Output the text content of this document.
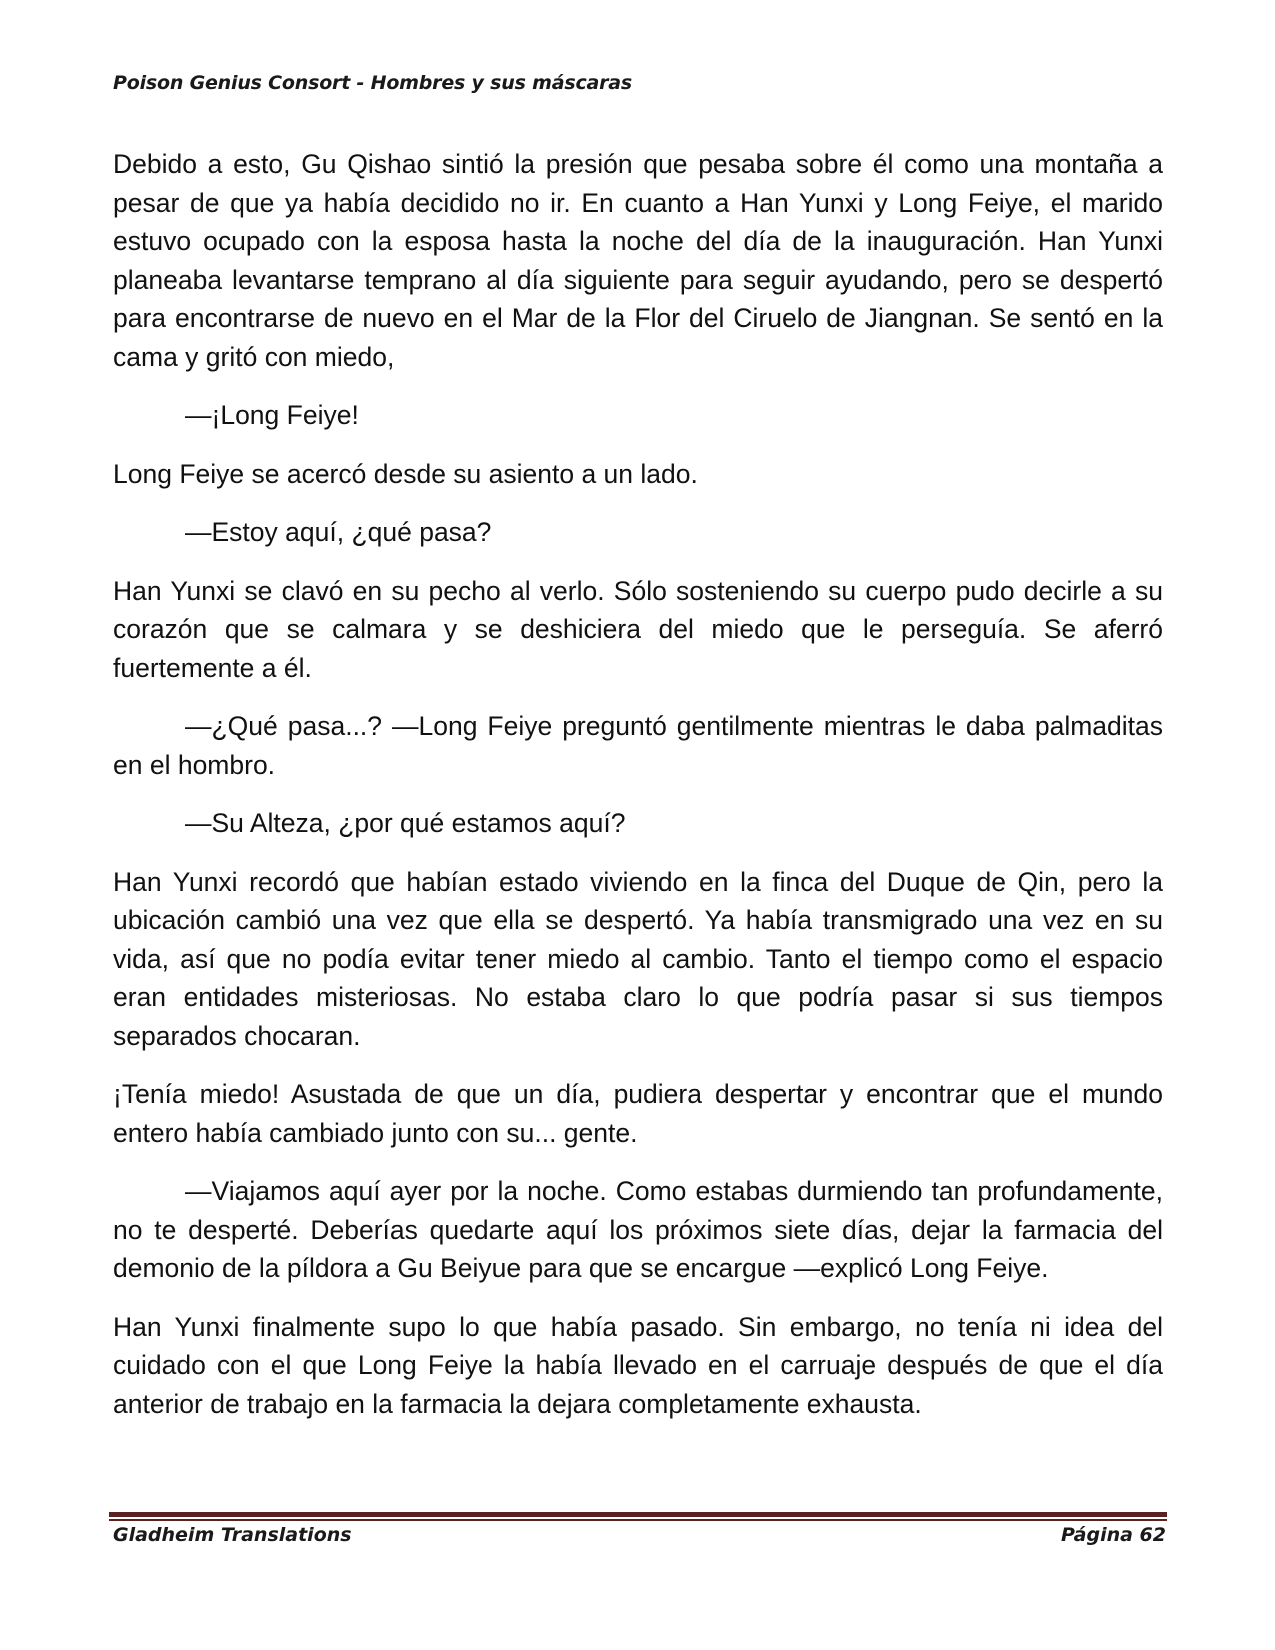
Poison Genius Consort - Hombres y sus máscaras

Debido a esto, Gu Qishao sintió la presión que pesaba sobre él como una montaña a pesar de que ya había decidido no ir. En cuanto a Han Yunxi y Long Feiye, el marido estuvo ocupado con la esposa hasta la noche del día de la inauguración. Han Yunxi planeaba levantarse temprano al día siguiente para seguir ayudando, pero se despertó para encontrarse de nuevo en el Mar de la Flor del Ciruelo de Jiangnan. Se sentó en la cama y gritó con miedo,

—¡Long Feiye!

Long Feiye se acercó desde su asiento a un lado.

—Estoy aquí, ¿qué pasa?

Han Yunxi se clavó en su pecho al verlo. Sólo sosteniendo su cuerpo pudo decirle a su corazón que se calmara y se deshiciera del miedo que le perseguía. Se aferró fuertemente a él.

—¿Qué pasa...? —Long Feiye preguntó gentilmente mientras le daba palmaditas en el hombro.

—Su Alteza, ¿por qué estamos aquí?

Han Yunxi recordó que habían estado viviendo en la finca del Duque de Qin, pero la ubicación cambió una vez que ella se despertó. Ya había transmigrado una vez en su vida, así que no podía evitar tener miedo al cambio. Tanto el tiempo como el espacio eran entidades misteriosas. No estaba claro lo que podría pasar si sus tiempos separados chocaran.

¡Tenía miedo! Asustada de que un día, pudiera despertar y encontrar que el mundo entero había cambiado junto con su... gente.

—Viajamos aquí ayer por la noche. Como estabas durmiendo tan profundamente, no te desperté. Deberías quedarte aquí los próximos siete días, dejar la farmacia del demonio de la píldora a Gu Beiyue para que se encargue —explicó Long Feiye.

Han Yunxi finalmente supo lo que había pasado. Sin embargo, no tenía ni idea del cuidado con el que Long Feiye la había llevado en el carruaje después de que el día anterior de trabajo en la farmacia la dejara completamente exhausta.

Gladheim Translations	Página 62
